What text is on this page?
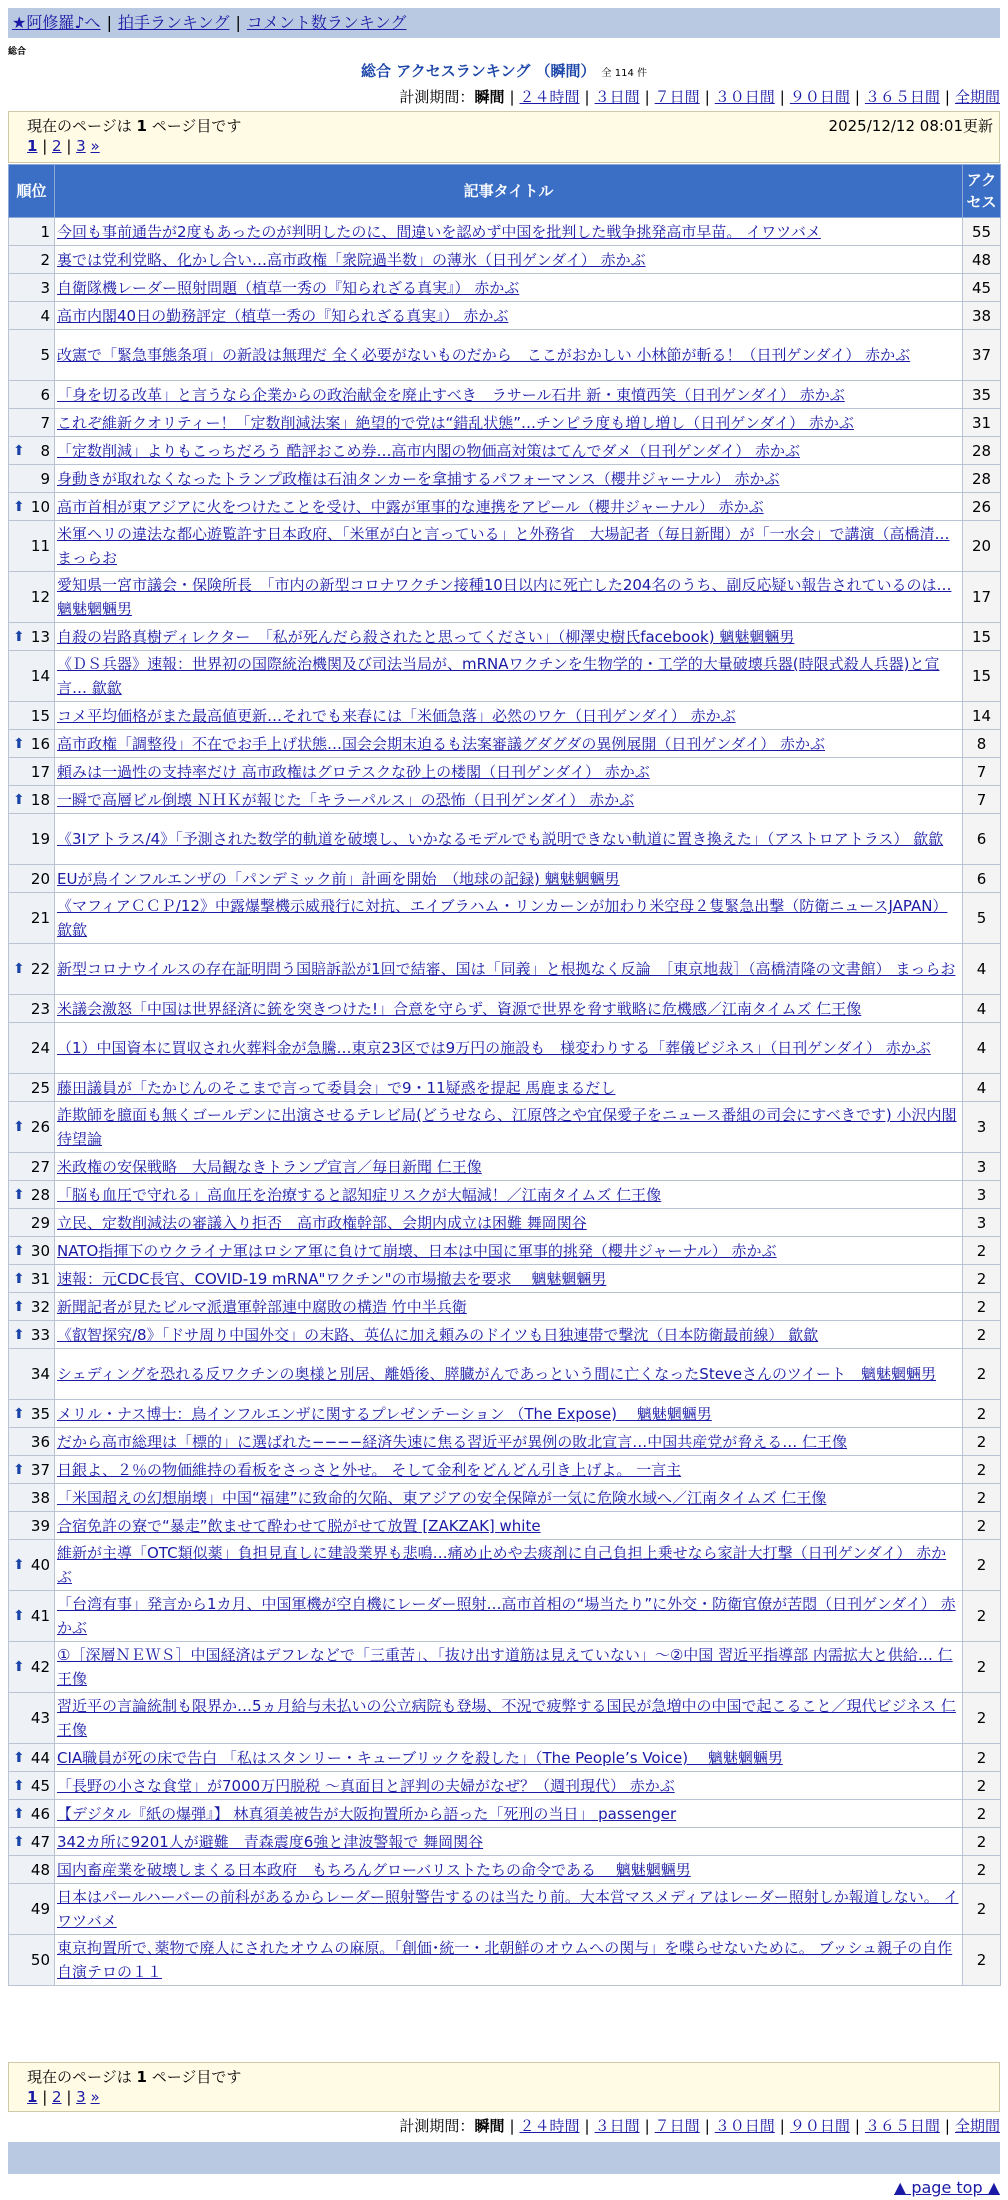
★阿修羅♪へ | 拍手ランキング | コメント数ランキング
総合
総合 アクセスランキング （瞬間） 全 114 件
計測期間：瞬間 | ２４時間 | ３日間 | ７日間 | ３０日間 | ９０日間 | ３６５日間 | 全期間
現在のページは 1 ページ目です	2025/12/12 08:01更新
1 | 2 | 3 »
順位	記事タイトル	アクセス
1	今回も事前通告が2度もあったのが判明したのに、間違いを認めず中国を批判した戦争挑発高市早苗。 イワツバメ	55
2	裏では党利党略、化かし合い…高市政権「衆院過半数」の薄氷（日刊ゲンダイ） 赤かぶ	48
3	自衛隊機レーダー照射問題（植草一秀の『知られざる真実』） 赤かぶ	45
4	高市内閣40日の勤務評定（植草一秀の『知られざる真実』） 赤かぶ	38
5	改憲で「緊急事態条項」の新設は無理だ 全く必要がないものだから　ここがおかしい 小林節が斬る！（日刊ゲンダイ） 赤かぶ	37
6	「身を切る改革」と言うなら企業からの政治献金を廃止すべき　ラサール石井 新・東憤西笑（日刊ゲンダイ） 赤かぶ	35
7	これぞ維新クオリティー！「定数削減法案」絶望的で党は“錯乱状態”…チンピラ度も増し増し（日刊ゲンダイ） 赤かぶ	31

⬆ 8	「定数削減」よりもこっちだろう 酷評おこめ券…高市内閣の物価高対策はてんでダメ（日刊ゲンダイ） 赤かぶ	28
9	身動きが取れなくなったトランプ政権は石油タンカーを拿捕するパフォーマンス（櫻井ジャーナル） 赤かぶ	28

⬆ 10	高市首相が東アジアに火をつけたことを受け、中露が軍事的な連携をアピール（櫻井ジャーナル） 赤かぶ	26
11	米軍ヘリの違法な都心遊覧許す日本政府、「米軍が白と言っている」と外務省　大場記者（毎日新聞）が「一水会」で講演（高橋清… まっらお	20
12	愛知県一宮市議会・保険所長　「市内の新型コロナワクチン接種10日以内に死亡した204名のうち、副反応疑い報告されているのは… 魑魅魍魎男	17

⬆ 13	自殺の岩路真樹ディレクター　「私が死んだら殺されたと思ってください」（柳澤史樹氏facebook) 魑魅魍魎男	15
14	《ＤＳ兵器》速報：世界初の国際統治機関及び司法当局が、mRNAワクチンを生物学的・工学的大量破壊兵器(時限式殺人兵器)と宣言… 歙歙	15
15	コメ平均価格がまた最高値更新…それでも来春には「米価急落」必然のワケ（日刊ゲンダイ） 赤かぶ	14

⬆ 16	高市政権「調整役」不在でお手上げ状態…国会会期末迫るも法案審議グダグダの異例展開（日刊ゲンダイ） 赤かぶ	8
17	頼みは一過性の支持率だけ 高市政権はグロテスクな砂上の楼閣（日刊ゲンダイ） 赤かぶ	7

⬆ 18	一瞬で高層ビル倒壊 ＮＨＫが報じた「キラーパルス」の恐怖（日刊ゲンダイ） 赤かぶ	7
19	《3Iアトラス/4》「予測された数学的軌道を破壊し、いかなるモデルでも説明できない軌道に置き換えた」（アストロアトラス） 歙歙	6
20	EUが鳥インフルエンザの「パンデミック前」計画を開始　（地球の記録) 魑魅魍魎男	6
21	《マフィアＣＣＰ/12》中露爆撃機示威飛行に対抗、エイブラハム・リンカーンが加わり米空母２隻緊急出撃（防衛ニュースJAPAN） 歙歙	5

⬆ 22	新型コロナウイルスの存在証明問う国賠訴訟が1回で結審、国は「同義」と根拠なく反論　［東京地裁］（高橋清隆の文書館） まっらお	4
23	米議会激怒「中国は世界経済に銃を突きつけた!」合意を守らず、資源で世界を脅す戦略に危機感／江南タイムズ 仁王像	4
24	（1）中国資本に買収され火葬料金が急騰…東京23区では9万円の施設も　様変わりする「葬儀ビジネス」（日刊ゲンダイ） 赤かぶ	4
25	藤田議員が「たかじんのそこまで言って委員会」で9・11疑惑を提起 馬鹿まるだし	4

⬆ 26	詐欺師を臆面も無くゴールデンに出演させるテレビ局(どうせなら、江原啓之や宜保愛子をニュース番組の司会にすべきです) 小沢内閣待望論	3
27	米政権の安保戦略　大局観なきトランプ宣言／毎日新聞 仁王像	3

⬆ 28	「脳も血圧で守れる」高血圧を治療すると認知症リスクが大幅減！／江南タイムズ 仁王像	3
29	立民、定数削減法の審議入り拒否　高市政権幹部、会期内成立は困難 舞岡関谷	3

⬆ 30	NATO指揮下のウクライナ軍はロシア軍に負けて崩壊、日本は中国に軍事的挑発（櫻井ジャーナル） 赤かぶ	2

⬆ 31	速報：元CDC長官、COVID-19 mRNA"ワクチン"の市場撤去を要求　 魑魅魍魎男	2

⬆ 32	新聞記者が見たビルマ派遣軍幹部連中腐敗の構造 竹中半兵衛	2

⬆ 33	《叡智探究/8》「ドサ周り中国外交」の末路、英仏に加え頼みのドイツも日独連帯で撃沈（日本防衛最前線） 歙歙	2
34	シェディングを恐れる反ワクチンの奥様と別居、離婚後、膵臓がんであっという間に亡くなったSteveさんのツイート　魑魅魍魎男	2

⬆ 35	メリル・ナス博士：鳥インフルエンザに関するプレゼンテーション （The Expose)　 魑魅魍魎男	2
36	だから高市総理は「標的」に選ばれた−−−−経済失速に焦る習近平が異例の敗北宣言…中国共産党が脅える… 仁王像	2

⬆ 37	日銀よ、２％の物価維持の看板をさっさと外せ。 そして金利をどんどん引き上げよ。 一言主	2
38	「米国超えの幻想崩壊」中国“福建”に致命的欠陥、東アジアの安全保障が一気に危険水域へ／江南タイムズ 仁王像	2
39	合宿免許の寮で“暴走”飲ませて酔わせて脱がせて放置 [ZAKZAK] white	2

⬆ 40	維新が主導「OTC類似薬」負担見直しに建設業界も悲鳴…痛め止めや去痰剤に自己負担上乗せなら家計大打撃（日刊ゲンダイ） 赤かぶ	2

⬆ 41	「台湾有事」発言から1カ月、中国軍機が空自機にレーダー照射…高市首相の“場当たり”に外交・防衛官僚が苦悶（日刊ゲンダイ） 赤かぶ	2

⬆ 42	①［深層ＮＥＷＳ］中国経済はデフレなどで「三重苦」、「抜け出す道筋は見えていない」～②中国 習近平指導部 内需拡大と供給… 仁王像	2
43	習近平の言論統制も限界か…5ヵ月給与未払いの公立病院も登場、不況で疲弊する国民が急増中の中国で起こること／現代ビジネス 仁王像	2

⬆ 44	CIA職員が死の床で告白 「私はスタンリー・キューブリックを殺した」（The People’s Voice)　 魑魅魍魎男	2

⬆ 45	「長野の小さな食堂」が7000万円脱税 ～真面目と評判の夫婦がなぜ？（週刊現代） 赤かぶ	2

⬆ 46	【デジタル『紙の爆弾』】 林真須美被告が大阪拘置所から語った「死刑の当日」 passenger	2

⬆ 47	342カ所に9201人が避難　青森震度6強と津波警報で 舞岡関谷	2
48	国内畜産業を破壊しまくる日本政府　もちろんグローバリストたちの命令である　 魑魅魍魎男	2
49	日本はパールハーバーの前科があるからレーダー照射警告するのは当たり前。大本営マスメディアはレーダー照射しか報道しない。 イワツバメ	2
50	東京拘置所で､薬物で廃人にされたオウムの麻原。「創価･統一・北朝鮮のオウムへの関与」を喋らせないために。 ブッシュ親子の自作自演テロの１１	2
現在のページは 1 ページ目です
1 | 2 | 3 »
計測期間：瞬間 | ２４時間 | ３日間 | ７日間 | ３０日間 | ９０日間 | ３６５日間 | 全期間
▲ page top ▲
